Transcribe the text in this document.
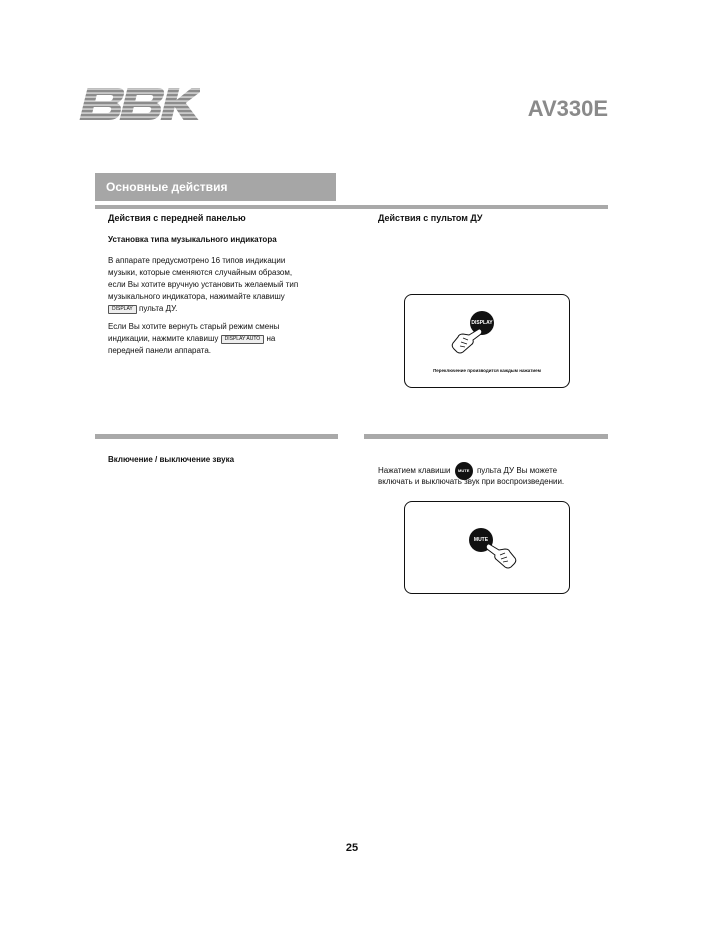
AV330E
Основные действия
Действия с передней панелью
Установка типа музыкального индикатора
В аппарате предусмотрено 16 типов индикации
музыки, которые сменяются случайным образом,
если Вы хотите вручную установить желаемый тип
музыкального индикатора, нажимайте клавишу
DISPLAY пульта ДУ.
Если Вы хотите вернуть старый режим смены
индикации, нажмите клавишу DISPLAY AUTO на
передней панели аппарата.
Действия с пультом ДУ
DISPLAY
Переключение производится каждым нажатием
Включение / выключение звука
Нажатием клавиши MUTE пульта ДУ Вы можете
включать и выключать звук при воспроизведении.
MUTE
25
